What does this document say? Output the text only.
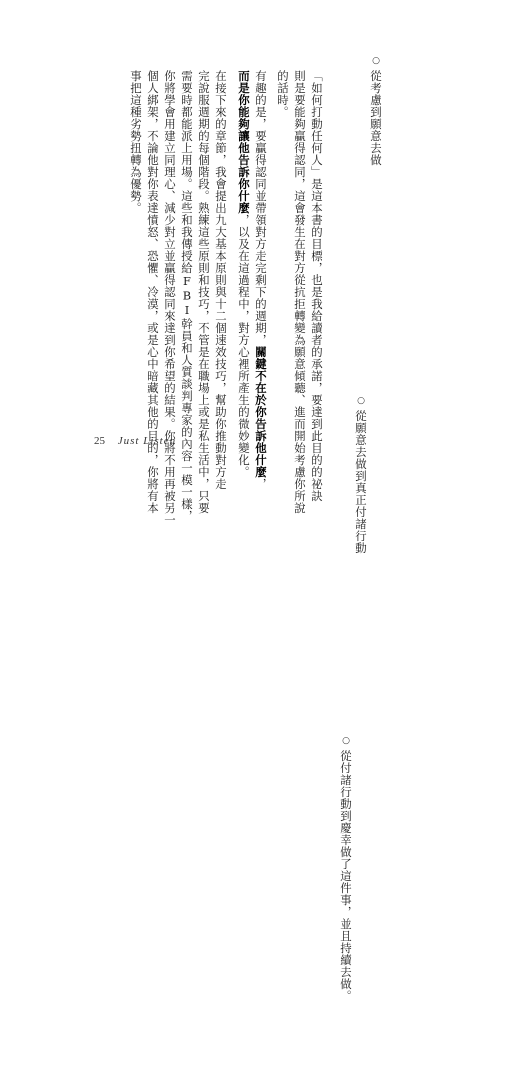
○ 從考慮到願意去做
○ 從願意去做到真正付諸行動
○ 從付諸行動到慶幸做了這件事，並且持續去做。
「如何打動任何人」是這本書的目標，也是我給讀者的承諾，要達到此目的的祕訣
則是要能夠贏得認同，這會發生在對方從抗拒轉變為願意傾聽、進而開始考慮你所說
的話時。
有趣的是，要贏得認同並帶領對方走完剩下的週期，關鍵不在於你告訴他什麼，
而是你能夠讓他告訴你什麼，以及在這過程中，對方心裡所產生的微妙變化。
在接下來的章節，我會提出九大基本原則與十二個速效技巧，幫助你推動對方走
完說服週期的每個階段。熟練這些原則和技巧，不管是在職場上或是私生活中，只要
需要時都能派上用場。這些和我傳授給FBI幹員和人質談判專家的內容一模一樣，
你將學會用建立同理心、減少對立並贏得認同來達到你希望的結果。你將不用再被另一
個人綁架，不論他對你表達憤怒、恐懼、冷漠，或是心中暗藏其他的目的，你將有本
事把這種劣勢扭轉為優勢。
25 Just Listen
